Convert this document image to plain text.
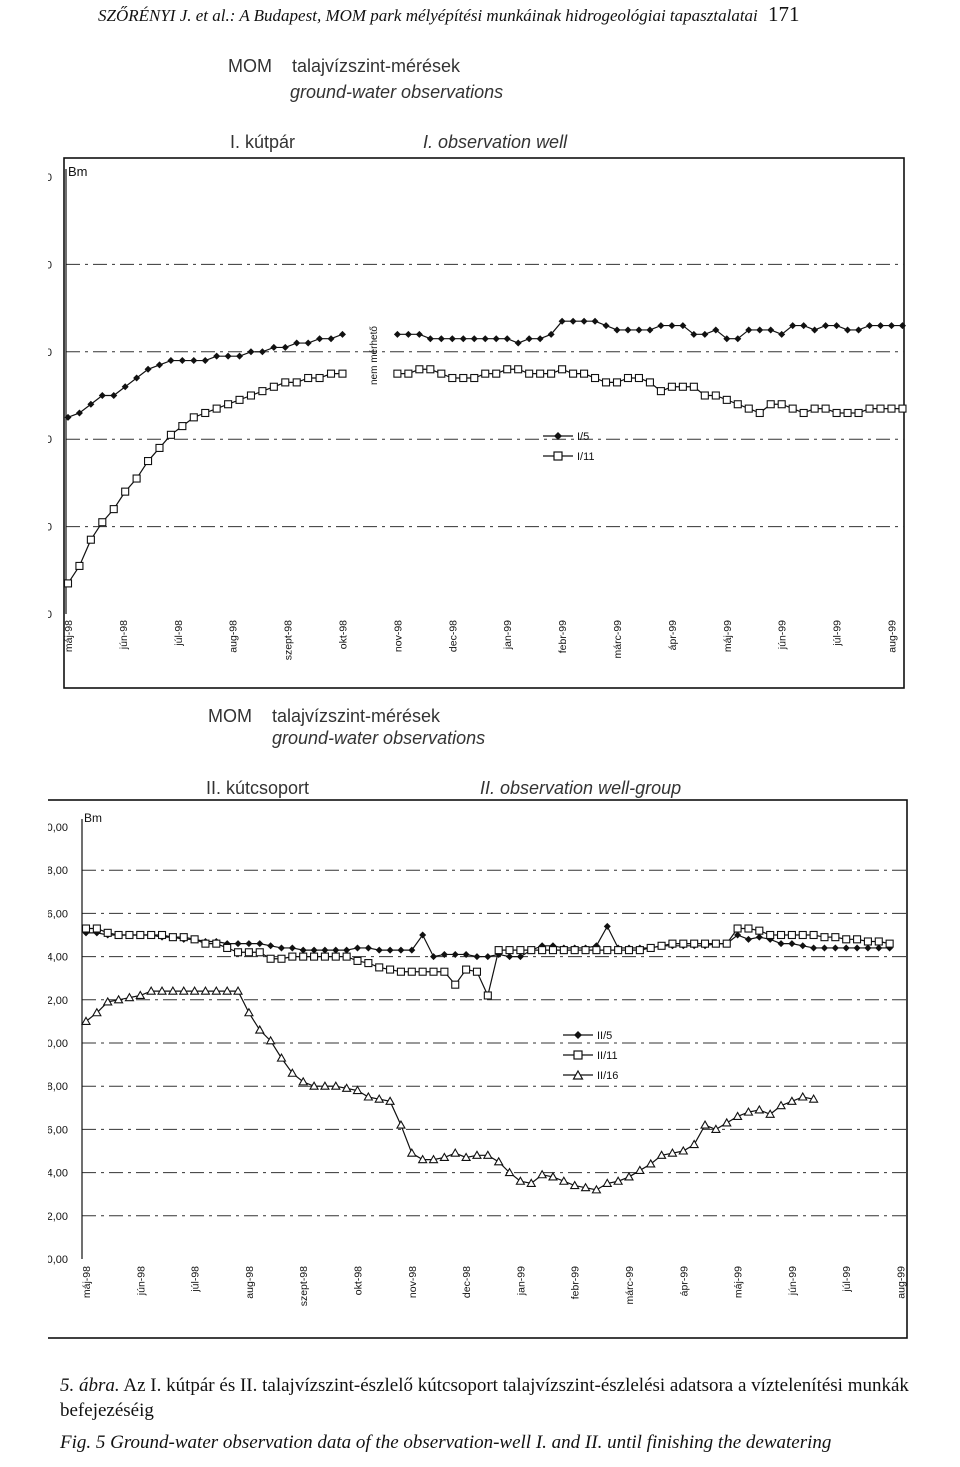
SZŐRÉNYI J. et al.: A Budapest, MOM park mélyépítési munkáinak hidrogeológiai tapasztalatai 171
MOM    talajvízszint-mérések
ground-water observations
I. kútpár	I. observation well
Bm
0
0
0
0
0
0
máj-98	jún-98	júl-98	aug-98	szept-98	okt-98	nov-98	dec-98	jan-99	febr-99	márc-99	ápr-99	máj-99	jún-99	júl-99	aug-99
nem mérhető
I/5
I/11
MOM    talajvízszint-mérések
ground-water observations
II. kútcsoport	II. observation well-group
Bm
0,00
8,00
6,00
4,00
2,00
0,00
8,00
6,00
4,00
2,00
0,00
máj-98	jún-98	júl-98	aug-98	szept-98	okt-98	nov-98	dec-98	jan-99	febr-99	márc-99	ápr-99	máj-99	jún-99	júl-99	aug-99
II/5
II/11
II/16

5. ábra. Az I. kútpár és II. talajvízszint-észlelő kútcsoport talajvízszint-észlelési adatsora a víztelenítési munkák befejezéséig

Fig. 5 Ground-water observation data of the observation-well I. and II. until finishing the dewatering
